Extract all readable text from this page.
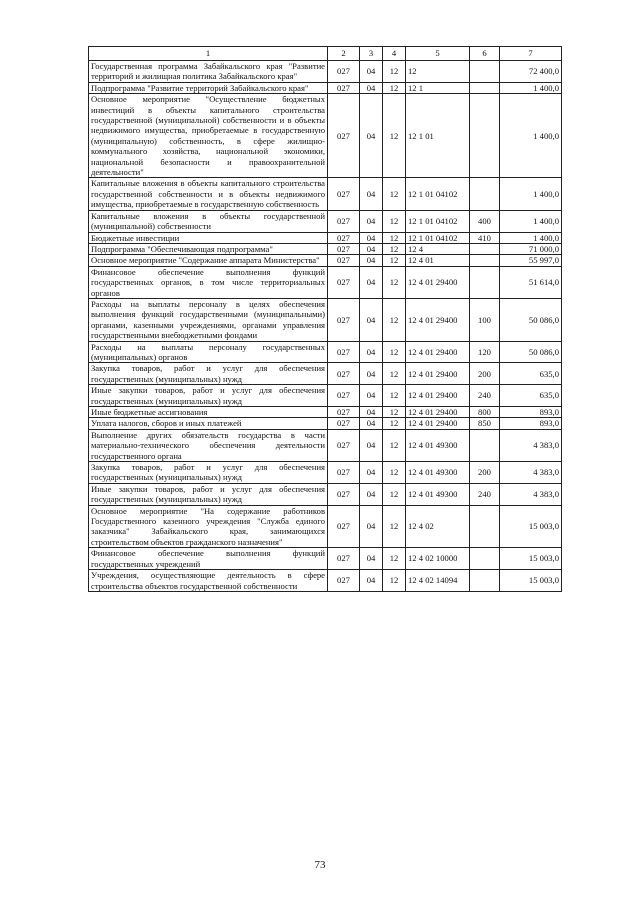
1	2	3	4	5	6	7
Государственная программа Забайкальского края "Развитие территорий и жилищная политика Забайкальского края"	027	04	12	12		72 400,0
Подпрограмма "Развитие территорий Забайкальского края"	027	04	12	12 1		1 400,0
Основное мероприятие "Осуществление бюджетных инвестиций в объекты капитального строительства государственной (муниципальной) собственности и в объекты недвижимого имущества, приобретаемые в государственную (муниципальную) собственность, в сфере жилищно-коммунального хозяйства, национальной экономики, национальной безопасности и правоохранительной деятельности"	027	04	12	12 1 01		1 400,0
Капитальные вложения в объекты капитального строительства государственной собственности и в объекты недвижимого имущества, приобретаемые в государственную собственность	027	04	12	12 1 01 04102		1 400,0
Капитальные вложения в объекты государственной (муниципальной) собственности	027	04	12	12 1 01 04102	400	1 400,0
Бюджетные инвестиции	027	04	12	12 1 01 04102	410	1 400,0
Подпрограмма "Обеспечивающая подпрограмма"	027	04	12	12 4		71 000,0
Основное мероприятие "Содержание аппарата Министерства"	027	04	12	12 4 01		55 997,0
Финансовое обеспечение выполнения функций государственных органов, в том числе территориальных органов	027	04	12	12 4 01 29400		51 614,0
Расходы на выплаты персоналу в целях обеспечения выполнения функций государственными (муниципальными) органами, казенными учреждениями, органами управления государственными внебюджетными фондами	027	04	12	12 4 01 29400	100	50 086,0
Расходы на выплаты персоналу государственных (муниципальных) органов	027	04	12	12 4 01 29400	120	50 086,0
Закупка товаров, работ и услуг для обеспечения государственных (муниципальных) нужд	027	04	12	12 4 01 29400	200	635,0
Иные закупки товаров, работ и услуг для обеспечения государственных (муниципальных) нужд	027	04	12	12 4 01 29400	240	635,0
Иные бюджетные ассигнования	027	04	12	12 4 01 29400	800	893,0
Уплата налогов, сборов и иных платежей	027	04	12	12 4 01 29400	850	893,0
Выполнение других обязательств государства в части материально-технического обеспечения деятельности государственного органа	027	04	12	12 4 01 49300		4 383,0
Закупка товаров, работ и услуг для обеспечения государственных (муниципальных) нужд	027	04	12	12 4 01 49300	200	4 383,0
Иные закупки товаров, работ и услуг для обеспечения государственных (муниципальных) нужд	027	04	12	12 4 01 49300	240	4 383,0
Основное мероприятие "На содержание работников Государственного казенного учреждения "Служба единого заказчика" Забайкальского края, занимающихся строительством объектов гражданского назначения"	027	04	12	12 4 02		15 003,0
Финансовое обеспечение выполнения функций государственных учреждений	027	04	12	12 4 02 10000		15 003,0
Учреждения, осуществляющие деятельность в сфере строительства объектов государственной собственности	027	04	12	12 4 02 14094		15 003,0
73
